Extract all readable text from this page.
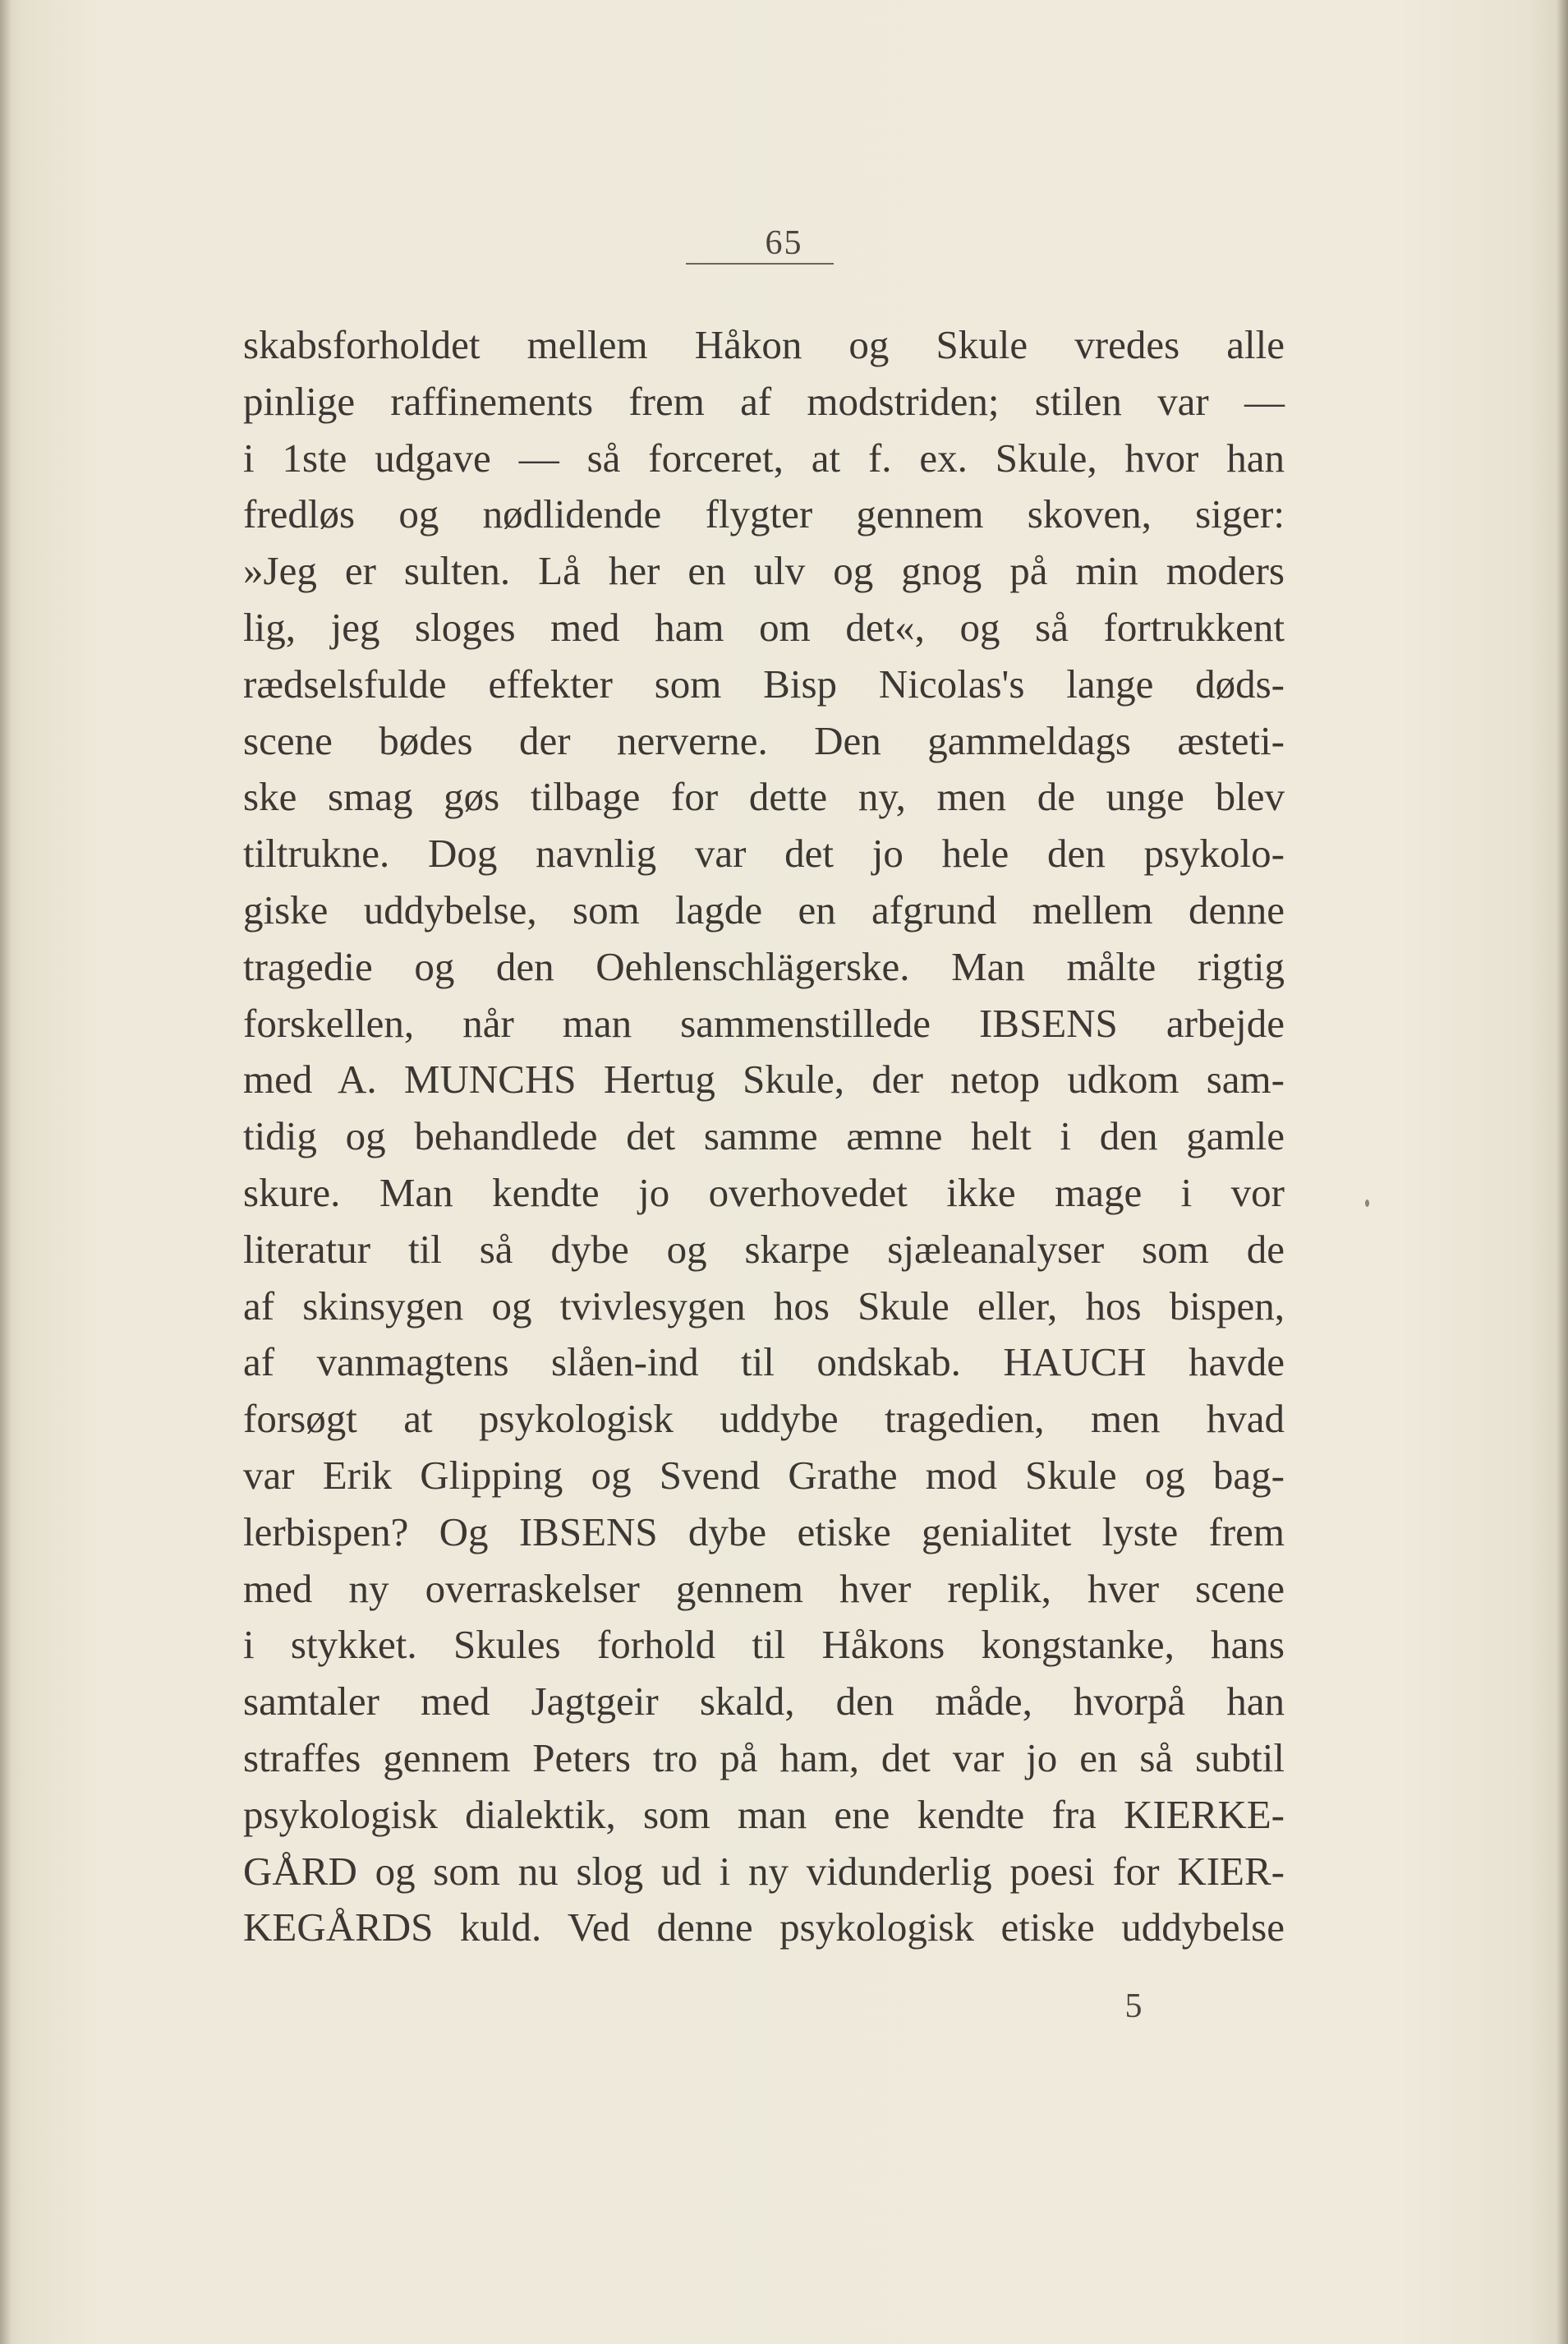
65
skabsforholdet mellem Håkon og Skule vredes alle
pinlige raffinements frem af modstriden; stilen var —
i 1ste udgave — så forceret, at f. ex. Skule, hvor han
fredløs og nødlidende flygter gennem skoven, siger:
»Jeg er sulten. Lå her en ulv og gnog på min moders
lig, jeg sloges med ham om det«, og så fortrukkent
rædselsfulde effekter som Bisp Nicolas's lange døds-
scene bødes der nerverne. Den gammeldags æsteti-
ske smag gøs tilbage for dette ny, men de unge blev
tiltrukne. Dog navnlig var det jo hele den psykolo-
giske uddybelse, som lagde en afgrund mellem denne
tragedie og den Oehlenschlägerske. Man målte rigtig
forskellen, når man sammenstillede IBSENS arbejde
med A. MUNCHS Hertug Skule, der netop udkom sam-
tidig og behandlede det samme æmne helt i den gamle
skure. Man kendte jo overhovedet ikke mage i vor
literatur til så dybe og skarpe sjæleanalyser som de
af skinsygen og tvivlesygen hos Skule eller, hos bispen,
af vanmagtens slåen-ind til ondskab. HAUCH havde
forsøgt at psykologisk uddybe tragedien, men hvad
var Erik Glipping og Svend Grathe mod Skule og bag-
lerbispen? Og IBSENS dybe etiske genialitet lyste frem
med ny overraskelser gennem hver replik, hver scene
i stykket. Skules forhold til Håkons kongstanke, hans
samtaler med Jagtgeir skald, den måde, hvorpå han
straffes gennem Peters tro på ham, det var jo en så subtil
psykologisk dialektik, som man ene kendte fra KIERKE-
GÅRD og som nu slog ud i ny vidunderlig poesi for KIER-
KEGÅRDS kuld. Ved denne psykologisk etiske uddybelse
5
